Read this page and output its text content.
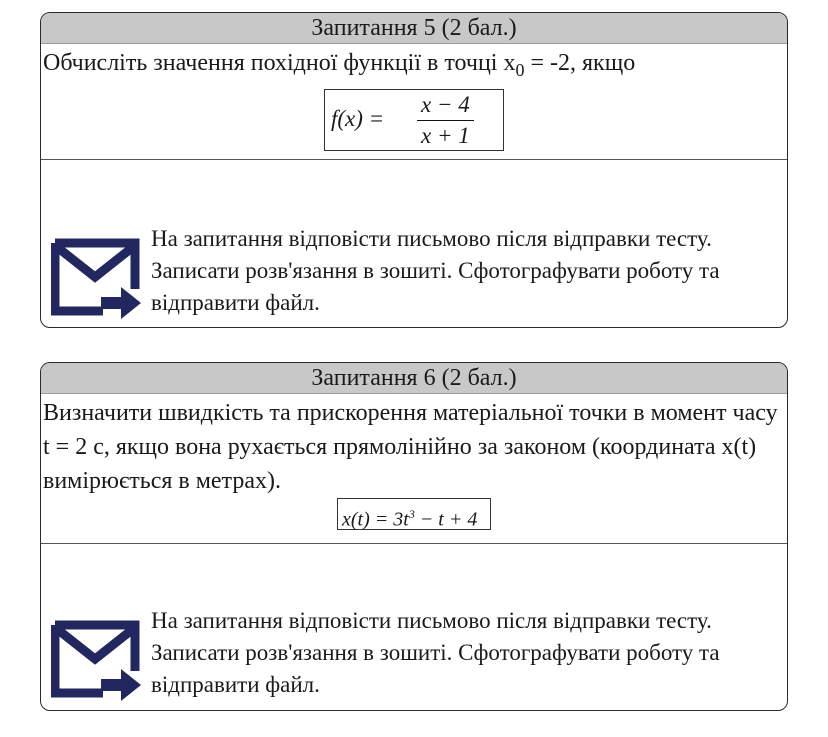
Запитання 5 (2 бал.)
Обчисліть значення похідної функції в точці $x_0 = -2$, якщо
$f(x) = \frac{x - 4}{x + 1}$
На запитання відповісти письмово після відправки тесту. Записати розв'язання в зошиті. Сфотографувати роботу та відправити файл.
Запитання 6 (2 бал.)
Визначити швидкість та прискорення матеріальної точки в момент часу t = 2 c, якщо вона рухається прямолінійно за законом (координата x(t) вимірюється в метрах).
$x(t) = 3t^3 - t + 4$
На запитання відповісти письмово після відправки тесту. Записати розв'язання в зошиті. Сфотографувати роботу та відправити файл.
